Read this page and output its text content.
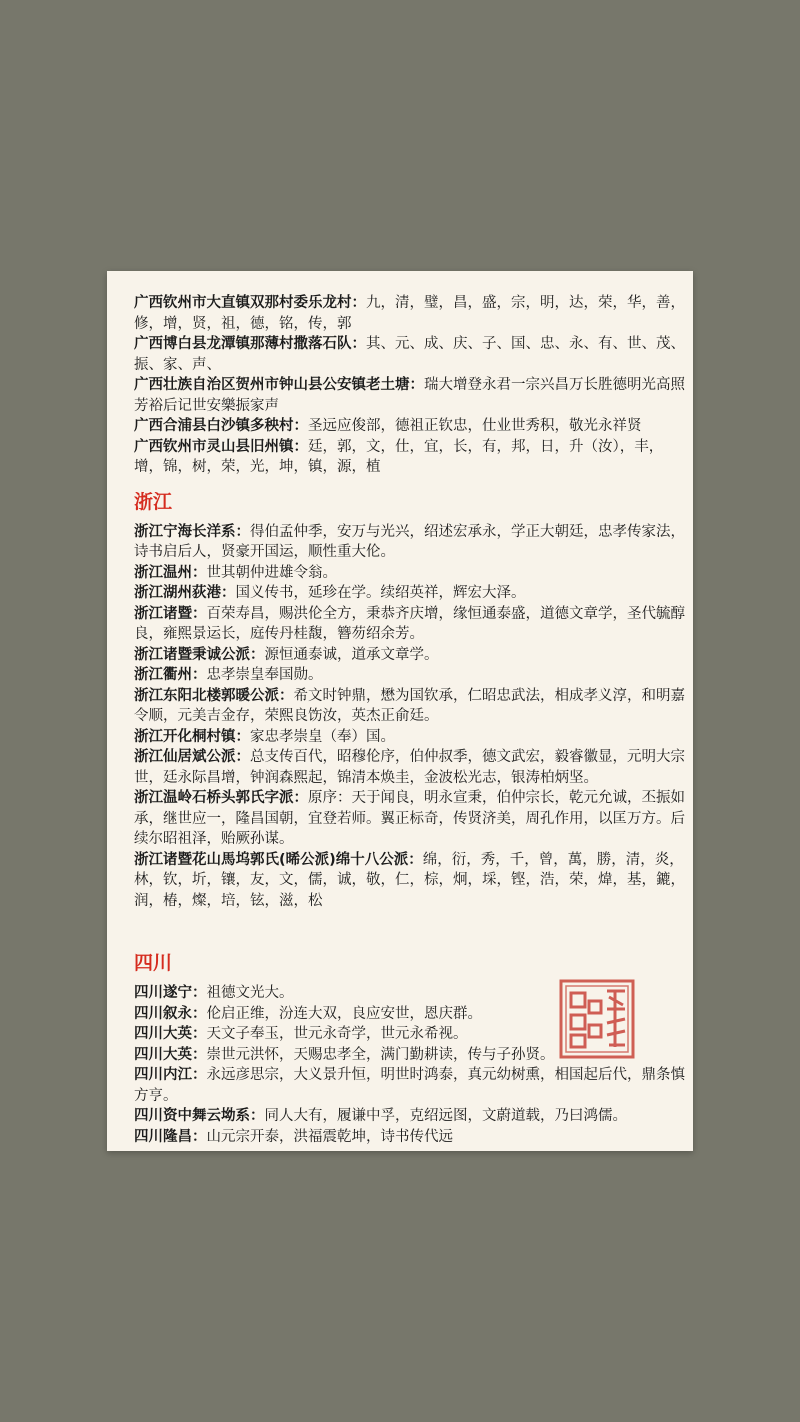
广西钦州市大直镇双那村委乐龙村：九，清，璧，昌，盛，宗，明，达，荣，华，善，修，增，贤，祖，德，铭，传，郭

广西博白县龙潭镇那薄村撒落石队：其、元、成、庆、子、国、忠、永、有、世、茂、振、家、声、

广西壮族自治区贺州市钟山县公安镇老土塘：瑞大增登永君一宗兴昌万长胜德明光高照芳裕后记世安樂振家声

广西合浦县白沙镇多秧村：圣远应俊部，德祖正钦忠，仕业世秀积，敬光永祥贤

广西钦州市灵山县旧州镇：廷，郭，文，仕，宜，长，有，邦，日，升（汝），丰，增，锦，树，荣，光，坤，镇，源，植

浙江

浙江宁海长洋系：得伯孟仲季，安万与光兴，绍述宏承永，学正大朝廷，忠孝传家法，诗书启后人，贤豪开国运，顺性重大伦。

浙江温州：世其朝仲进雄令翁。

浙江湖州荻港：国义传书，延珍在学。续绍英祥，辉宏大泽。

浙江诸暨：百荣寿昌，赐洪伦全方，秉恭齐庆增，缘恒通泰盛，道德文章学，圣代毓醇良，雍熙景运长，庭传丹桂馥，簪芴绍余芳。

浙江诸暨秉诚公派：源恒通泰诚，道承文章学。

浙江衢州：忠孝崇皇奉国勋。

浙江东阳北楼郭暖公派：希文时钟鼎，懋为国钦承，仁昭忠武法，相成孝义淳，和明嘉令顺，元美吉金存，荣熙良饬汝，英杰正俞廷。

浙江开化桐村镇：家忠孝崇皇（奉）国。

浙江仙居斌公派：总支传百代，昭穆伦序，伯仲叔季，德文武宏，毅睿徽显，元明大宗世，廷永际昌增，钟润森熙起，锦清本焕圭，金波松光志，银涛柏炳坚。

浙江温岭石桥头郭氏字派：原序：天于闻良，明永宣秉，伯仲宗长，乾元允诚，丕振如承，继世应一，隆昌国朝，宜登若师。翼正标奇，传贤济美，周孔作用，以匡万方。后续尔昭祖泽，贻厥孙谋。

浙江诸暨花山馬坞郭氏(晞公派)绵十八公派：绵，衍，秀，千，曾，萬，勝，清，炎，林，钦，圻，镶，友，文，儒，诚，敬，仁，棕，炯，埰，铿，浩，荣，煒，基，鏕，润，椿，燦，培，铉，滋，松

四川

四川遂宁：祖德文光大。

四川叙永：伦启正维，汾连大双，良应安世，恩庆群。

四川大英：天文子奉玉，世元永奇学，世元永希视。

四川大英：崇世元洪怀，天赐忠孝全，满门勤耕读，传与子孙贤。

四川内江：永远彦思宗，大义景升恒，明世时鸿泰，真元幼树熏，相国起后代，鼎条慎方亨。

四川资中舞云坳系：同人大有，履谦中孚，克绍远图，文蔚道载，乃曰鸿儒。

四川隆昌：山元宗开泰，洪福震乾坤，诗书传代远
